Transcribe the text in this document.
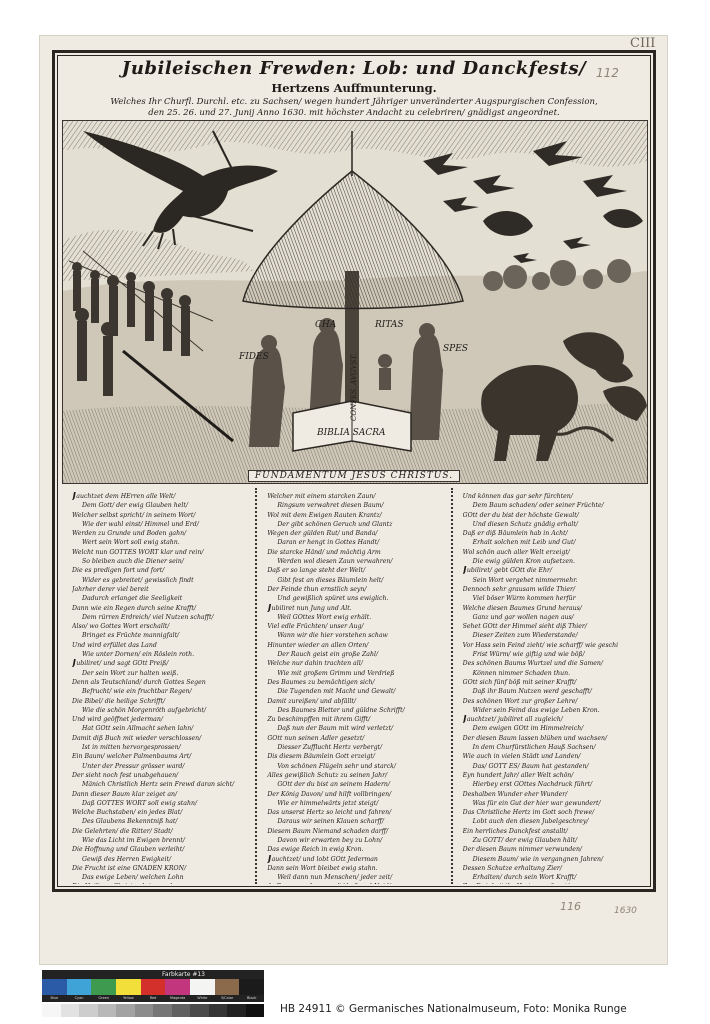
CIII
112
Jubileischen Frewden: Lob: und Danckfests/
Hertzens Auffmunterung.
Welches Ihr Churfl. Durchl. etc. zu Sachsen/ wegen hundert Jähriger unveränderter Augspurgischen Confession,
den 25. 26. und 27. Junij Anno 1630. mit höchster Andacht zu celebriren/ gnädigst angeordnet.
CHA	RITAS
FIDES
SPES
CONFES. AVGVST.
BIBLIA SACRA
FUNDAMENTUM JESUS CHRISTUS.
Jauchtzet dem HErren alle Welt/
Dem Gott/ der ewig Glauben helt/
Welcher selbst spricht/ in seinem Wort/
Wie der wahl einst/ Himmel und Erd/
Werden zu Grunde und Boden gahn/
Wert sein Wort soll ewig stahn.
Welcht nun GOTTES WORT klar und rein/
So bleiben auch die Diener sein/
Die es predigen fort und fort/
Wider es gebreitet/ gewisslich findt
Jahrher derer viel bereit
Dadurch erlanget die Seeligkeit
Dann wie ein Regen durch seine Krafft/
Dem rürren Erdreich/ viel Nutzen schafft/
Also/ wo Gottes Wort erschallt/
Bringet es Früchte mannigfalt/
Und wird erfüllet das Land
Wie unter Dornen/ ein Röslein roth.
Jubiliret/ und sagt GOtt Preiß/
Der sein Wort zur halten weiß.
Denn als Teutschland/ durch Gottes Segen
Befrucht/ wie ein fruchtbar Regen/
Die Bibel/ die heilige Schrifft/
Wie die schön Morgenröth aufgebricht/
Und wird geöffnet jederman/
Hat GOtt sein Allmacht sehen lahn/
Damit diß Buch mit wieder verschlossen/
Ist in mitten hervorgesprossen/
Ein Baum/ welcher Palmenbaums Art/
Unter der Pressur grösser ward/
Der sieht noch fest unabgehauen/
Mänich Christlich Hertz sein Frewd daran sicht/
Dann dieser Baum klar zeiget an/
Daß GOTTES WORT soll ewig stahn/
Welche Buchstaben/ ein jedes Blat/
Des Glaubens Bekenntniß hat/
Die Gelehrten/ die Ritter/ Stadt/
Wie das Licht im Ewigen brennt/
Die Hoffnung und Glauben verleiht/
Gewiß des Herren Ewigkeit/
Die Frucht ist eine GNADEN KRON/
Das ewige Leben/ welchen Lohn
Welcher mit einem starcken Zaun/
Ringsum verwahret diesen Baum/
Wol mit dem Ewigen Rauten Krantz/
Der gibt schönen Geruch und Glantz
Wegen der gülden Rut/ und Banda/
Daran er hengt in Gottes Handt/
Die starcke Händ/ und mächtig Arm
Werden wol diesen Zaun verwahren/
Daß er so lange steht der Welt/
Gibt fest an dieses Bäumlein helt/
Der Feinde thun ernstlich seyn/
Und gewißlich spüret uns ewiglich.
Jubiliret nun Jung und Alt.
Weil GOttes Wort ewig erhält.
Viel edle Früchten/ unser Aug/
Wann wir die hier vorstehen schaw
Hinunter wieder an allen Orten/
Der Rauch geist ein große Zahl/
Welche nur dahin trachten all/
Wie mit großem Grimm und Verdrieß
Des Baumes zu bemächtigen sich/
Die Tugenden mit Macht und Gewalt/
Damit zureißen/ und abfällt/
Des Baumes Bletter und güldne Schrifft/
Zu beschimpffen mit ihrem Gifft/
Daß nun der Baum mit wird verletzt/
GOtt nun seinen Adler gesetzt/
Diesser Zufflucht Hertz verbergt/
Dis diesem Bäumlein Gott erzeigt/
Von schönen Flügeln sehr und starck/
Alles gewißlich Schutz zu seinen Jahr/
GOtt der du bist an seinem Hadern/
Der König Davon/ und hilft vollbringen/
Wie er himmelwärts jetzt steigt/
Das unserst Hertz so leicht und fahren/
Daraus wir seinen Klauen scharff/
Diesem Baum Niemand schaden darff/
Davon wir erwarten bey zu Lohn/
Das ewige Reich in ewig Kron.
Jauchtzet/ und lobt GOtt Jederman
Dann sein Wort bleibet ewig stahn.
Weil dann nun Menschen/ jeder zeit/
Und können das gar sehr fürchten/
Dem Baum schaden/ oder seiner Früchte/
GOtt der du bist der höchste Gewalt/
Und diesen Schutz gnädig erhalt/
Daß er diß Bäumlein hab in Acht/
Erhalt solchen mit Leib und Gut/
Wol schön auch aller Welt erzeigt/
Die ewig gülden Kron aufsetzen.
Jubiliret/ gebt GOtt die Ehr/
Sein Wort vergehet nimmermehr.
Dennoch sehr grausam wilde Thier/
Viel böser Würm kommen herfür
Welche diesen Baumes Grund heraus/
Ganz und gar wollen nagen aus/
Sehet GOtt der Himmel sieht diß Thier/
Dieser Zeiten zum Wiederstande/
Vor Hass sein Feind zieht/ wie scharff/ wie geschi
Frist Würm/ wie giftig und wie böß/
Des schönen Baums Wurtzel und die Samen/
Können nimmer Schaden thun.
GOtt sich fünf böß mit seiner Krafft/
Daß ihr Baum Nutzen werd geschafft/
Des schönen Wort zur großer Lehre/
Wider sein Feind das ewige Leben Kron.
Jauchtzet/ jubiliret all zugleich/
Dem ewigen GOtt im Himmelreich/
Der diesen Baum lassen blühen und wachsen/
In dem Churfürstlichen Hauß Sachsen/
Wie auch in vielen Städt und Landen/
Das/ GOTT ES/ Baum hat gestanden/
Eyn hundert Jahr/ aller Welt schön/
Hierbey erst GOttes Nachdruck führt/
Deshalben Wunder eher Wunder/
Was für ein Gut der hier war gewundert/
Das Christliche Hertz im Gott soch frewe/
Lobt auch den diesen Jubelgeschrey/
Ein herrliches Danckfest anstallt/
Zu GOTT/ der ewig Glauben hält/
Der diesen Baum nimmer verwunden/
Diesem Baum/ wie in vergangnen Jahren/
Dessen Schutze erhaltung Zier/
Erhalten/ durch sein Wort Krafft/
116	1630
Farbkarte #13
Blue	Cyan	Green	Yellow	Red	Magenta	White	3/Color	Black
HB 24911 © Germanisches Nationalmuseum, Foto: Monika Runge
